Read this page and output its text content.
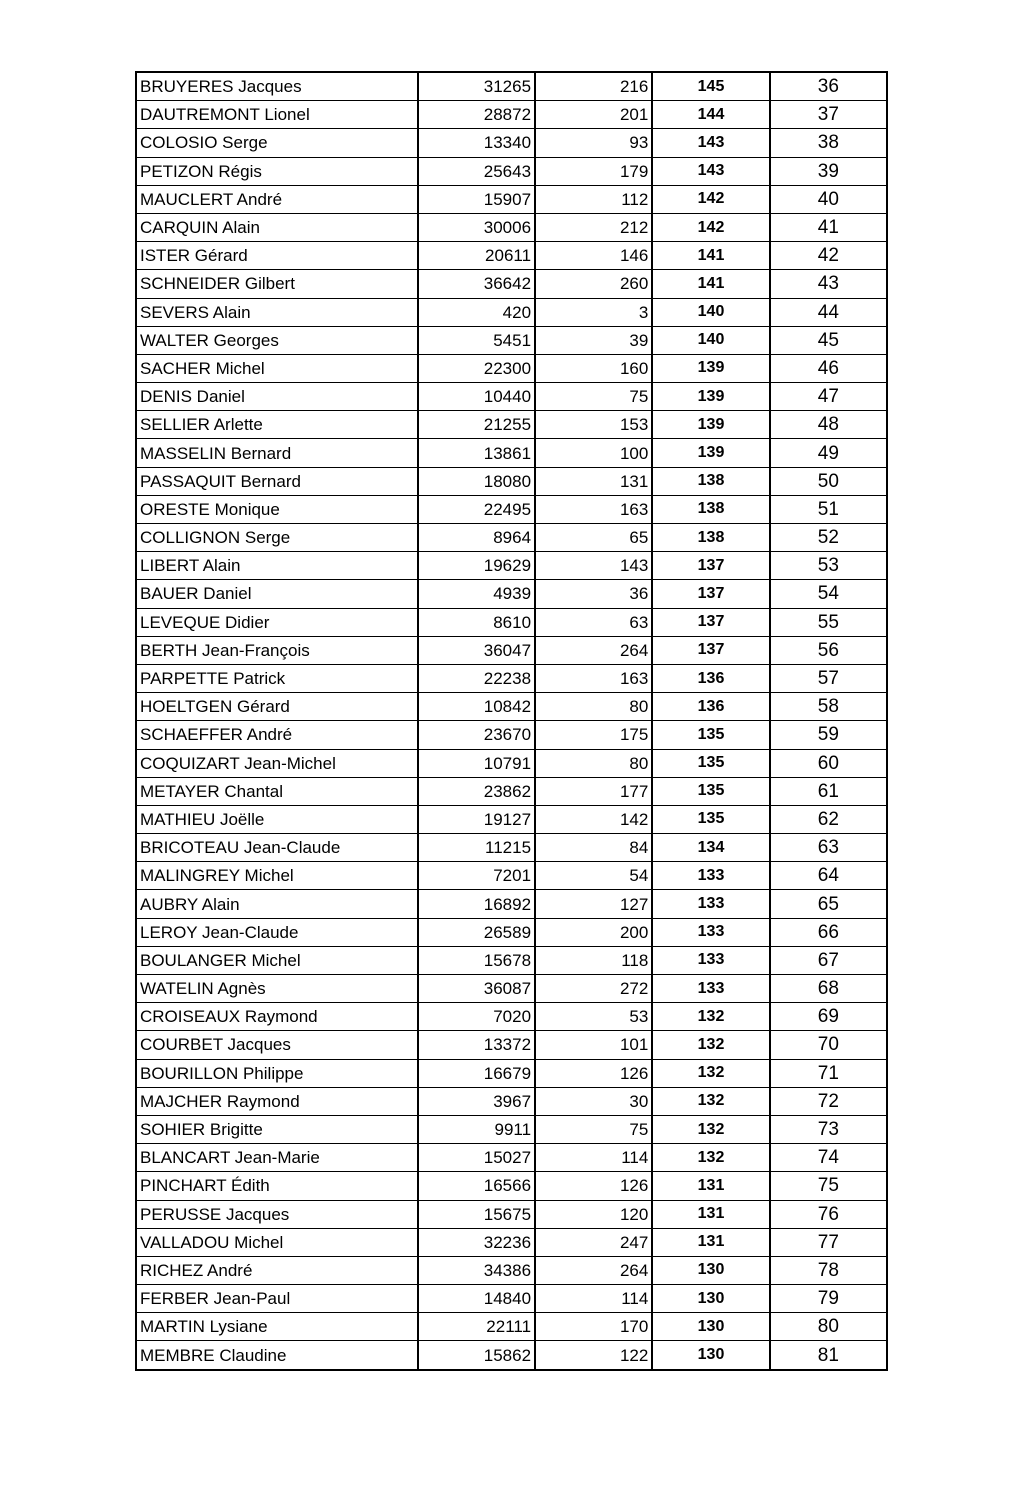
BRUYERES Jacques	31265	216	145	36
DAUTREMONT Lionel	28872	201	144	37
COLOSIO Serge	13340	93	143	38
PETIZON Régis	25643	179	143	39
MAUCLERT André	15907	112	142	40
CARQUIN Alain	30006	212	142	41
ISTER Gérard	20611	146	141	42
SCHNEIDER Gilbert	36642	260	141	43
SEVERS Alain	420	3	140	44
WALTER Georges	5451	39	140	45
SACHER Michel	22300	160	139	46
DENIS Daniel	10440	75	139	47
SELLIER Arlette	21255	153	139	48
MASSELIN Bernard	13861	100	139	49
PASSAQUIT Bernard	18080	131	138	50
ORESTE Monique	22495	163	138	51
COLLIGNON Serge	8964	65	138	52
LIBERT Alain	19629	143	137	53
BAUER Daniel	4939	36	137	54
LEVEQUE Didier	8610	63	137	55
BERTH Jean-François	36047	264	137	56
PARPETTE Patrick	22238	163	136	57
HOELTGEN Gérard	10842	80	136	58
SCHAEFFER André	23670	175	135	59
COQUIZART Jean-Michel	10791	80	135	60
METAYER Chantal	23862	177	135	61
MATHIEU Joëlle	19127	142	135	62
BRICOTEAU Jean-Claude	11215	84	134	63
MALINGREY Michel	7201	54	133	64
AUBRY Alain	16892	127	133	65
LEROY Jean-Claude	26589	200	133	66
BOULANGER Michel	15678	118	133	67
WATELIN Agnès	36087	272	133	68
CROISEAUX Raymond	7020	53	132	69
COURBET Jacques	13372	101	132	70
BOURILLON Philippe	16679	126	132	71
MAJCHER Raymond	3967	30	132	72
SOHIER Brigitte	9911	75	132	73
BLANCART Jean-Marie	15027	114	132	74
PINCHART Édith	16566	126	131	75
PERUSSE Jacques	15675	120	131	76
VALLADOU Michel	32236	247	131	77
RICHEZ André	34386	264	130	78
FERBER Jean-Paul	14840	114	130	79
MARTIN Lysiane	22111	170	130	80
MEMBRE Claudine	15862	122	130	81
